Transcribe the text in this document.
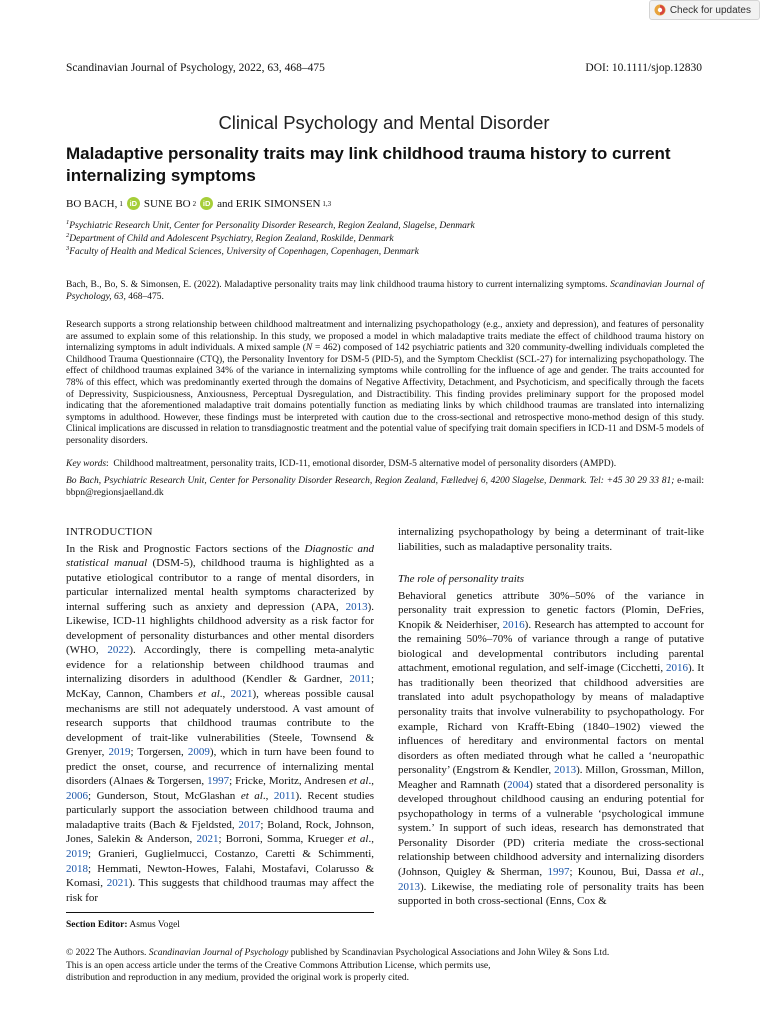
Check for updates
Scandinavian Journal of Psychology, 2022, 63, 468–475	DOI: 10.1111/sjop.12830
Clinical Psychology and Mental Disorder
Maladaptive personality traits may link childhood trauma history to current internalizing symptoms
BO BACH, 1 iD SUNE BO 2 iD and ERIK SIMONSEN 1,3
$^1$Psychiatric Research Unit, Center for Personality Disorder Research, Region Zealand, Slagelse, Denmark
$^2$Department of Child and Adolescent Psychiatry, Region Zealand, Roskilde, Denmark
$^3$Faculty of Health and Medical Sciences, University of Copenhagen, Copenhagen, Denmark
Bach, B., Bo, S. & Simonsen, E. (2022). Maladaptive personality traits may link childhood trauma history to current internalizing symptoms. Scandinavian Journal of Psychology, 63, 468–475.
Research supports a strong relationship between childhood maltreatment and internalizing psychopathology (e.g., anxiety and depression), and features of personality are assumed to explain some of this relationship. In this study, we proposed a model in which maladaptive traits mediate the effect of childhood trauma history on internalizing symptoms in adult individuals. A mixed sample (N = 462) composed of 142 psychiatric patients and 320 community-dwelling individuals completed the Childhood Trauma Questionnaire (CTQ), the Personality Inventory for DSM-5 (PID-5), and the Symptom Checklist (SCL-27) for internalizing psychopathology. The effect of childhood traumas explained 34% of the variance in internalizing symptoms while controlling for the influence of age and gender. The traits accounted for 78% of this effect, which was predominantly exerted through the domains of Negative Affectivity, Detachment, and Psychoticism, and specifically through the facets of Depressivity, Suspiciousness, Anxiousness, Perceptual Dysregulation, and Distractibility. This finding provides preliminary support for the proposed model indicating that the aforementioned maladaptive trait domains potentially function as mediating links by which childhood traumas are translated into internalizing symptoms in adulthood. However, these findings must be interpreted with caution due to the cross-sectional and retrospective mono-method design of this study. Clinical implications are discussed in relation to transdiagnostic treatment and the potential value of specifying trait domain specifiers in ICD-11 and DSM-5 models of personality disorders.
Key words:  Childhood maltreatment, personality traits, ICD-11, emotional disorder, DSM-5 alternative model of personality disorders (AMPD).
Bo Bach, Psychiatric Research Unit, Center for Personality Disorder Research, Region Zealand, Fælledvej 6, 4200 Slagelse, Denmark. Tel: +45 30 29 33 81; e-mail: bbpn@regionsjaelland.dk

INTRODUCTION

In the Risk and Prognostic Factors sections of the Diagnostic and statistical manual (DSM-5), childhood trauma is highlighted as a putative etiological contributor to a range of mental disorders, in particular internalized mental health symptoms characterized by internal suffering such as anxiety and depression (APA, 2013). Likewise, ICD-11 highlights childhood adversity as a risk factor for development of personality disturbances and other mental disorders (WHO, 2022). Accordingly, there is compelling meta-analytic evidence for a relationship between childhood traumas and internalizing disorders in adulthood (Kendler & Gardner, 2011; McKay, Cannon, Chambers et al., 2021), whereas possible causal mechanisms are still not adequately understood. A vast amount of research supports that childhood traumas contribute to the development of trait-like vulnerabilities (Steele, Townsend & Grenyer, 2019; Torgersen, 2009), which in turn have been found to predict the onset, course, and recurrence of internalizing mental disorders (Alnaes & Torgersen, 1997; Fricke, Moritz, Andresen et al., 2006; Gunderson, Stout, McGlashan et al., 2011). Recent studies particularly support the association between childhood trauma and maladaptive traits (Bach & Fjeldsted, 2017; Boland, Rock, Johnson, Jones, Salekin & Anderson, 2021; Borroni, Somma, Krueger et al., 2019; Granieri, Guglielmucci, Costanzo, Caretti & Schimmenti, 2018; Hemmati, Newton-Howes, Falahi, Mostafavi, Colarusso & Komasi, 2021). This suggests that childhood traumas may affect the risk for

Section Editor: Asmus Vogel

internalizing psychopathology by being a determinant of trait-like liabilities, such as maladaptive personality traits.

The role of personality traits

Behavioral genetics attribute 30%–50% of the variance in personality trait expression to genetic factors (Plomin, DeFries, Knopik & Neiderhiser, 2016). Research has attempted to account for the remaining 50%–70% of variance through a range of putative biological and developmental contributors including parental attachment, emotional regulation, and self-image (Cicchetti, 2016). It has traditionally been theorized that childhood adversities are translated into adult psychopathology by means of maladaptive personality traits that involve vulnerability to psychopathology. For example, Richard von Krafft-Ebing (1840–1902) viewed the influences of hereditary and environmental factors on mental disorders as often mediated through what he called a ‘neuropathic personality’ (Engstrom & Kendler, 2013). Millon, Grossman, Millon, Meagher and Ramnath (2004) stated that a disordered personality is developed throughout childhood causing an enduring potential for psychopathology in terms of a vulnerable ‘psychological immune system.’ In support of such ideas, research has demonstrated that Personality Disorder (PD) criteria mediate the cross-sectional relationship between childhood adversity and internalizing disorders (Johnson, Quigley & Sherman, 1997; Kounou, Bui, Dassa et al., 2013). Likewise, the mediating role of personality traits has been supported in both cross-sectional (Enns, Cox &

© 2022 The Authors. Scandinavian Journal of Psychology published by Scandinavian Psychological Associations and John Wiley & Sons Ltd.
This is an open access article under the terms of the Creative Commons Attribution License, which permits use,
distribution and reproduction in any medium, provided the original work is properly cited.
